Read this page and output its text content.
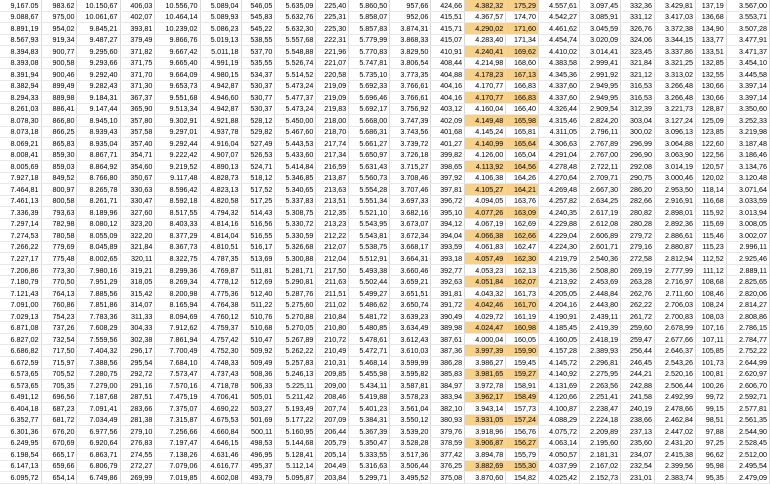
9,167.05	983.62	10.150,67	406,03	10.556,70	5.089,04	546,05	5.635,09	225,40	5.860,50	957,66	424,66	4.382,32	175,29	4.557,61	3.097,45	332,36	3.429,81	137,19	3.567,00
9.088,67	975,00	10.061,67	402,07	10.464,14	5.089,93	545,83	5.632,76	225,31	5.858,07	952,06	415,51	4.367,57	174,70	4.542,27	3.085,91	331,12	3.417,03	136,68	3.553,71
8.891,19	954,02	9.845,21	393,81	10.239,02	5.086,23	545,22	5.632,30	225,30	5.857,83	3.874,31	415,71	4.290,02	171,60	4.461,62	3.045,59	326,76	3.372,38	134,90	3.507,28
8.567,93	919,34	9.487,27	379,49	9.866,76	5.019,13	538,55	5.557,68	222,31	5.779,99	3.868,33	415,07	4.283,40	171,34	4.454,74	3.020,09	324,06	3.344,15	133,77	3.477,91
8.394,83	900,77	9.295,60	371,82	9.667,42	5.011,18	537,70	5.548,88	221,96	5.770,83	3.829,50	410,91	4.240,41	169,62	4.410,02	3.014,41	323,45	3.337,86	133,51	3.471,37
8.393,08	900,58	9.293,66	371,75	9.665,40	4.991,19	535,55	5.526,74	221,07	5.747,81	3.806,54	408,44	4.214,98	168,60	4.383,58	2.999,41	321,84	3.321,25	132,85	3.454,10
8.391,94	900,46	9.292,40	371,70	9.664,09	4.980,15	534,37	5.514,52	220,58	5.735,10	3.773,35	404,88	4.178,23	167,13	4.345,36	2.991,92	321,12	3.313,02	132,55	3.445,58
8.382,94	899,49	9.282,43	371,30	9.653,73	4.942,87	530,37	5.473,24	219,09	5.692,33	3.766,61	404,16	4.170,77	166,83	4.337,60	2.949,95	316,53	3.266,48	130,66	3.397,14
8.294,33	889,98	9.184,31	367,37	9.551,68	4.946,60	530,77	5.477,37	219,09	5.696,46	3.766,61	404,16	4.170,77	166,83	4.337,60	2.949,95	316,53	3.266,48	130,66	3.397,14
8.261,03	886,41	9.147,44	365,90	9.513,34	4.942,87	530,37	5.473,24	219,83	5.692,17	3.756,92	403,12	4.160,04	166,40	4.326,44	2.909,54	312,39	3.221,73	128,87	3.350,60
8.078,30	866,80	8.945,10	357,80	9.302,91	4.921,88	528,12	5.450,00	218,00	5.668,00	3.747,39	402,09	4.149,48	165,98	4.315,46	2.824,20	303,04	3.127,24	125,09	3.252,33
8.073,18	866,25	8.939,43	357,58	9.297,01	4.937,78	529,82	5.467,60	218,70	5.686,31	3.743,56	401,68	4.145,24	165,81	4.311,05	2.796,11	300,02	3.096,13	123,85	3.219,98
8.069,21	865,83	8.935,04	357,40	9.292,44	4.916,04	527,49	5.443,53	217,74	5.661,27	3.739,72	401,27	4.140,99	165,64	4.306,63	2.767,89	296,99	3.064,88	122,60	3.187,48
8.008,41	859,30	8.867,71	354,71	9.222,42	4.907,07	526,53	5.433,60	217,34	5.650,97	3.726,18	399,82	4.126,00	165,04	4.291,04	2.767,00	296,90	3.063,90	122,56	3.186,46
8.005,69	859,03	8.864,92	354,60	9.219,52	4.890,13	524,71	5.414,84	216,59	5.631,43	3.715,27	398,65	4.113,92	164,56	4.278,48	2.722,11	292,08	3.014,19	120,57	3.134,76
7.927,18	849,52	8.766,80	350,67	9.117,48	4.828,73	518,12	5.346,85	213,87	5.560,73	3.708,46	397,92	4.106,38	164,26	4.270,64	2.709,71	290,75	3.000,46	120,02	3.120,48
7.464,81	800,97	8.265,78	330,63	8.596,42	4.823,13	517,52	5.340,65	213,63	5.554,28	3.707,46	397,81	4.105,27	164,21	4.269,48	2.667,30	286,20	2.953,50	118,14	3.071,64
7.461,13	800,58	8.261,71	330,47	8.592,18	4.820,58	517,25	5.337,83	213,51	5.551,34	3.697,33	396,72	4.094,05	163,76	4.257,82	2.634,25	282,66	2.916,91	116,68	3.033,59
7.336,39	793,63	8.189,96	327,60	8.517,55	4.794,32	514,43	5.308,75	212,35	5.521,10	3.682,16	395,10	4.077,26	163,09	4.240,35	2.617,19	280,82	2.898,01	115,92	3.013,94
7.297,14	782,98	8.080,12	323,20	8.403,33	4.814,16	516,56	5.330,72	213,23	5.543,95	3.673,07	394,12	4.067,19	162,69	4.229,88	2.612,08	280,28	2.892,36	115,69	3.008,05
7.274,53	780,58	8.055,09	322,20	8.377,29	4.814,04	516,55	5.330,59	212,22	5.543,81	3.672,34	394,04	4.066,38	162,66	4.229,04	2.606,89	279,72	2.886,61	115,46	3.002,07
7.266,22	779,69	8.045,89	321,84	8.367,73	4.810,51	516,17	5.326,68	212,07	5.538,75	3.668,17	393,59	4.061,83	162,47	4.224,30	2.601,71	279,16	2.880,87	115,23	2.996,11
7.227,17	775,48	8.002,65	320,11	8.322,75	4.787,35	513,69	5.300,88	212,04	5.512,91	3.664,31	393,18	4.057,49	162,30	4.219,79	2.540,36	272,58	2.812,94	112,52	2.925,46
7.206,86	773,30	7.980,16	319,21	8.299,36	4.769,87	511,81	5.281,71	217,50	5.493,38	3.660,46	392,77	4.053,23	162,13	4.215,36	2.508,80	269,19	2.777,99	111,12	2.889,11
7.180,79	770,50	7.951,29	318,05	8.269,34	4.778,12	512,69	5.290,81	211,63	5.502,44	3.659,21	392,63	4.051,84	162,07	4.213,92	2.453,69	263,28	2.716,97	108,68	2.825,65
7.121,43	764,13	7.885,56	315,42	8.200,98	4.775,36	512,40	5.287,76	211,51	5.499,27	3.651,51	391,81	4.043,32	161,73	4.205,05	2.448,84	262,76	2.711,60	108,46	2.820,06
7.091,00	760,86	7.851,86	314,07	8.165,94	4.764,38	511,22	5.275,60	211,02	5.486,62	3.650,74	391,72	4.042,46	161,70	4.204,16	2.443,80	262,22	2.706,03	108,24	2.814,27
7.029,13	754,23	7.783,36	311,33	8.094,69	4.760,12	510,76	5.270,88	210,84	5.481,72	3.639,23	390,49	4.029,72	161,19	4.190,91	2.439,11	261,72	2.700,83	108,03	2.808,86
6.871,08	737,26	7.608,29	304,33	7.912,62	4.759,37	510,68	5.270,05	210,80	5.480,85	3.634,49	389,98	4.024,47	160,98	4.185,45	2.419,39	259,60	2.678,99	107,16	2.786,15
6.827,02	732,54	7.559,56	302,38	7.861,94	4.757,42	510,47	5.267,89	210,72	5.478,61	3.612,43	387,61	4.000,04	160,05	4.160,05	2.418,19	259,47	2.677,66	107,11	2.784,77
6.686,82	717,50	7.404,32	296,17	7.700,49	4.752,30	509,92	5.262,22	210,49	5.472,71	3.610,03	387,36	3.997,39	159,90	4.157,28	2.389,93	256,44	2.646,37	105,85	2.752,22
6.672,59	715,97	7.388,56	295,54	7.684,10	4.748,33	509,49	5.257,83	210,31	5.468,14	3.599,99	386,28	3.986,27	159,45	4.145,72	2.296,81	246,45	2.543,26	101,73	2.644,99
6.573,65	705,52	7.280,75	292,72	7.573,47	4.737,43	508,36	5.246,13	209,85	5.455,98	3.595,82	385,83	3.981,65	159,27	4.140,92	2.275,95	244,21	2.520,16	100,81	2.620,97
6.573,65	705,35	7.279,00	291,16	7.570,16	4.718,78	506,33	5.225,11	209,00	5.434,11	3.587,81	384,97	3.972,78	158,91	4.131,69	2.263,56	242,88	2.506,44	100,26	2.606,70
6.491,12	696,56	7.187,68	287,51	7.475,19	4.706,41	505,01	5.211,42	208,46	5.419,88	3.578,23	383,94	3.962,17	158,49	4.120,66	2.251,41	241,58	2.492,99	99,72	2.592,71
6.404,18	687,23	7.091,41	283,66	7.375,07	4.690,22	503,27	5.193,49	207,74	5.401,23	3.561,04	382,10	3.943,14	157,73	4.100,87	2.238,47	240,19	2.478,66	99,15	2.577,81
6.352,77	681,72	7.034,49	281,38	7.315,87	4.675,53	501,69	5.177,22	207,09	5.384,31	3.550,12	380,93	3.931,05	157,24	4.088,29	2.224,18	238,66	2.462,84	98,51	2.561,35
6.301,36	676,20	6.977,56	279,10	7.256,66	4.660,84	500,11	5.160,95	206,44	5.367,39	3.539,20	379,76	3.918,96	156,76	4.075,72	2.209,89	237,13	2.447,02	97,88	2.544,90
6.249,95	670,69	6.920,64	276,83	7.197,47	4.646,15	498,53	5.144,68	205,79	5.350,47	3.528,28	378,59	3.906,87	156,27	4.063,14	2.195,60	235,60	2.431,20	97,25	2.528,45
6.198,54	665,17	6.863,71	274,55	7.138,26	4.631,46	496,95	5.128,41	205,14	5.333,55	3.517,36	377,42	3.894,78	155,79	4.050,57	2.181,31	234,07	2.415,38	96,62	2.512,00
6.147,13	659,66	6.806,79	272,27	7.079,06	4.616,77	495,37	5.112,14	204,49	5.316,63	3.506,44	376,25	3.882,69	155,30	4.037,99	2.167,02	232,54	2.399,56	95,98	2.495,54
6.095,72	654,14	6.749,86	269,99	7.019,85	4.602,08	493,79	5.095,87	203,84	5.299,71	3.495,52	375,08	3.870,60	154,82	4.025,42	2.152,73	231,01	2.383,74	95,35	2.479,09
